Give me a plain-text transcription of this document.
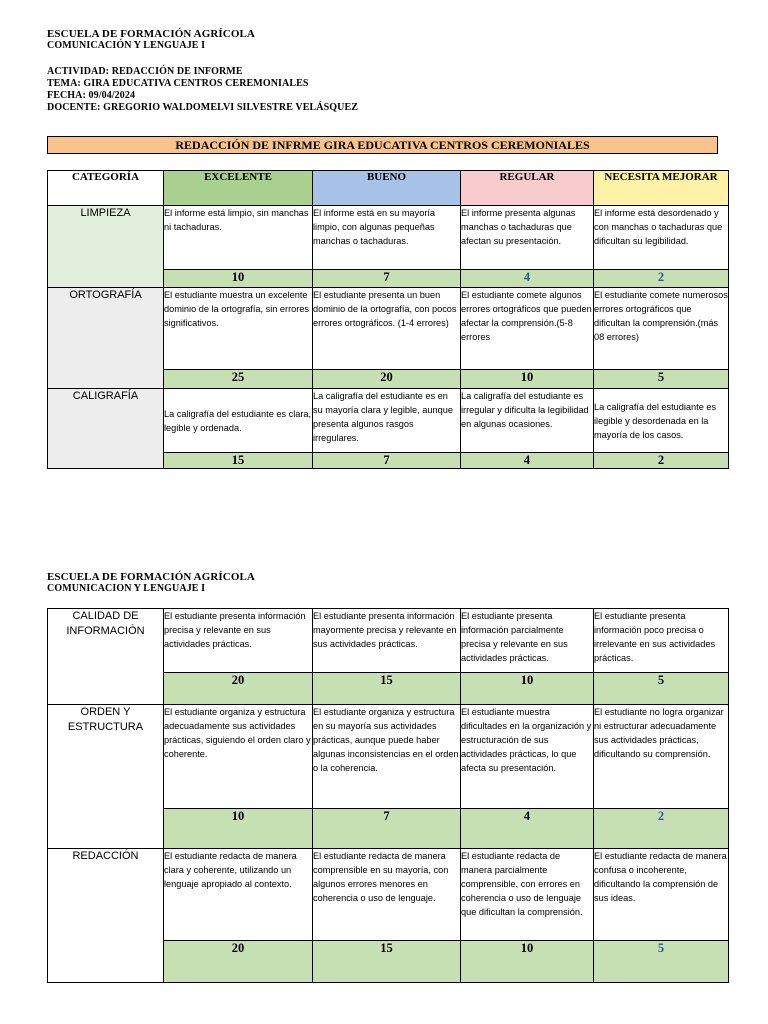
ESCUELA DE FORMACIÓN AGRÍCOLA
COMUNICACIÓN Y LENGUAJE I
ACTIVIDAD: REDACCIÓN DE INFORME
TEMA: GIRA EDUCATIVA CENTROS CEREMONIALES
FECHA: 09/04/2024
DOCENTE: GREGORIO WALDOMELVI SILVESTRE VELÁSQUEZ
REDACCIÓN DE INFRME GIRA EDUCATIVA CENTROS CEREMONIALES
CATEGORÍA	EXCELENTE	BUENO	REGULAR	NECESITA MEJORAR
LIMPIEZA	El informe está limpio, sin manchas ni tachaduras.	El informe está en su mayoría limpio, con algunas pequeñas manchas o tachaduras.	El informe presenta algunas manchas o tachaduras que afectan su presentación.	El informe está desordenado y con manchas o tachaduras que dificultan su legibilidad.
	10	7	4	2
ORTOGRAFÍA	El estudiante muestra un excelente dominio de la ortografía, sin errores significativos.	El estudiante presenta un buen dominio de la ortografía, con pocos errores ortográficos. (1-4 errores)	El estudiante comete algunos errores ortográficos que pueden afectar la comprensión.(5-8 errores	El estudiante comete numerosos errores ortográficos que dificultan la comprensión.(más 08 errores)
	25	20	10	5
CALIGRAFÍA	La caligrafía del estudiante es clara, legible y ordenada.	La caligrafía del estudiante es en su mayoría clara y legible, aunque presenta algunos rasgos irregulares.	La caligrafía del estudiante es irregular y dificulta la legibilidad en algunas ocasiones.	La caligrafía del estudiante es ilegible y desordenada en la mayoría de los casos.
	15	7	4	2
ESCUELA DE FORMACIÓN AGRÍCOLA
COMUNICACION Y LENGUAJE I
CALIDAD DE INFORMACIÓN	El estudiante presenta información precisa y relevante en sus actividades prácticas.	El estudiante presenta información mayormente precisa y relevante en sus actividades prácticas.	El estudiante presenta información parcialmente precisa y relevante en sus actividades prácticas.	El estudiante presenta información poco precisa o irrelevante en sus actividades prácticas.
	20	15	10	5
ORDEN Y ESTRUCTURA	El estudiante organiza y estructura adecuadamente sus actividades prácticas, siguiendo el orden claro y coherente.	El estudiante organiza y estructura en su mayoría sus actividades prácticas, aunque puede haber algunas inconsistencias en el orden o la coherencia.	El estudiante muestra dificultades en la organización y estructuración de sus actividades prácticas, lo que afecta su presentación.	El estudiante no logra organizar ni estructurar adecuadamente sus actividades prácticas, dificultando su comprensión.
	10	7	4	2
REDACCIÓN	El estudiante redacta de manera clara y coherente, utilizando un lenguaje apropiado al contexto.	El estudiante redacta de manera comprensible en su mayoría, con algunos errores menores en coherencia o uso de lenguaje.	El estudiante redacta de manera parcialmente comprensible, con errores en coherencia o uso de lenguaje que dificultan la comprensión.	El estudiante redacta de manera confusa o incoherente, dificultando la comprensión de sus ideas.
	20	15	10	5
